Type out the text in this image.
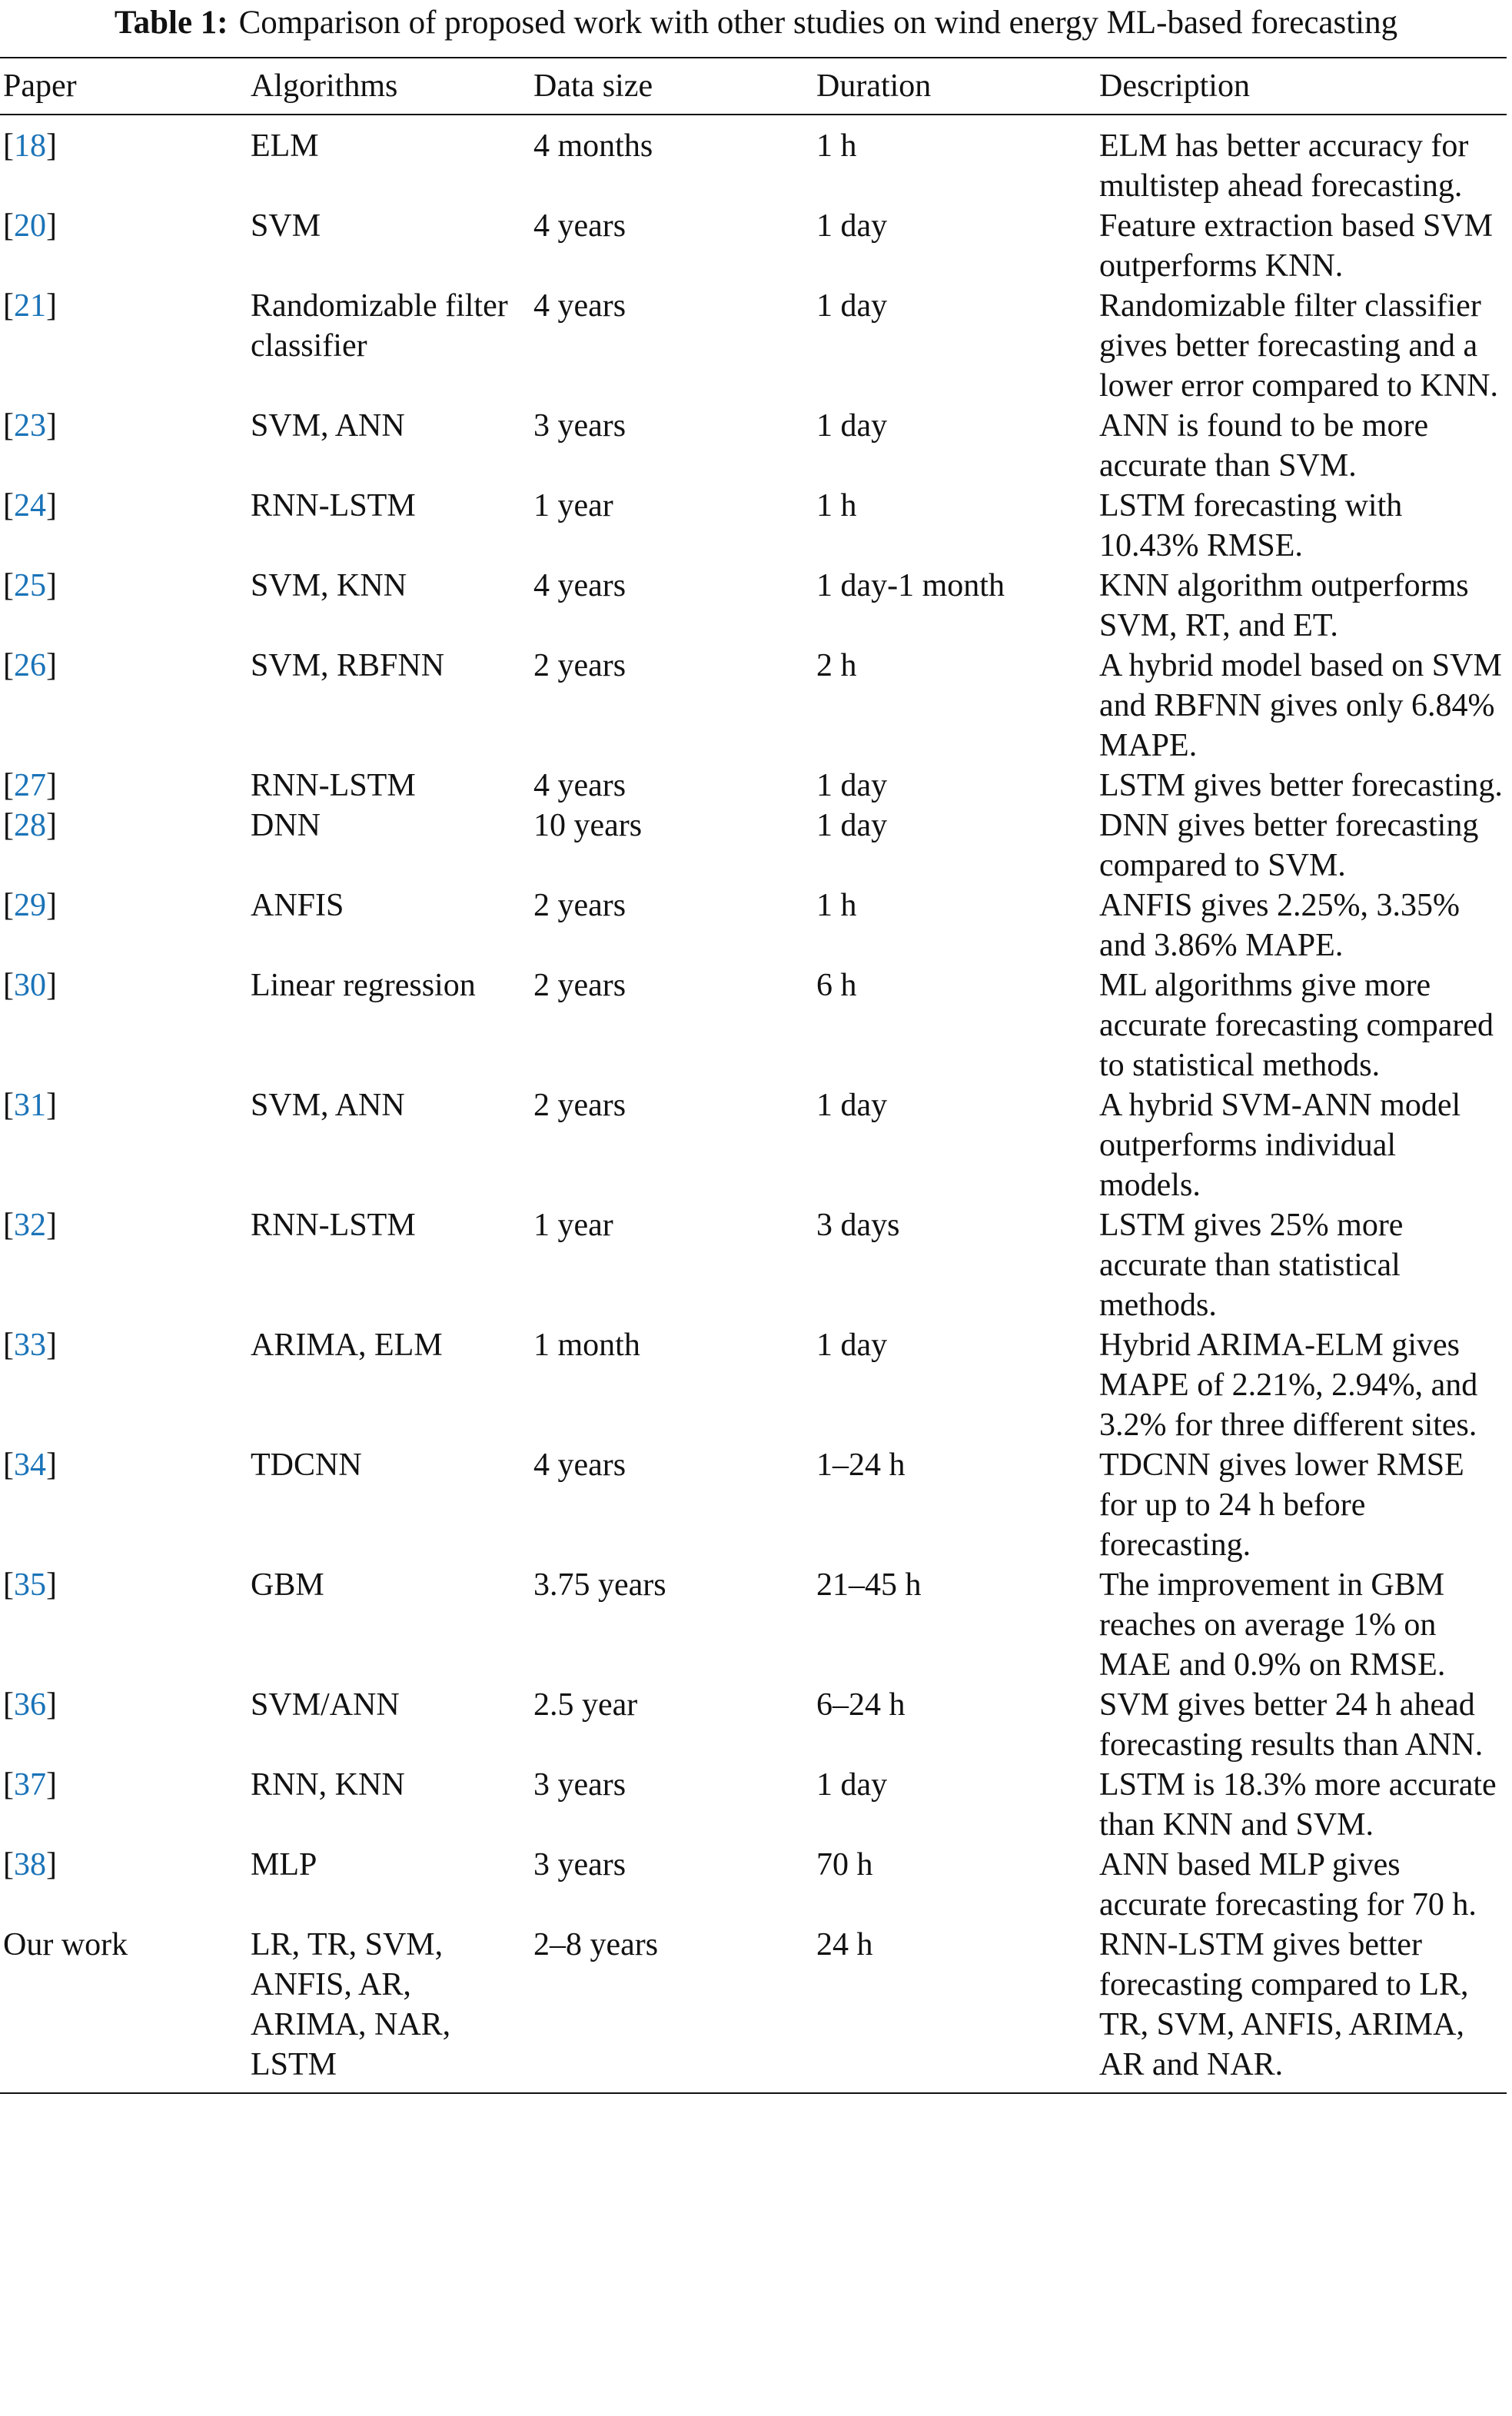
Table 1: Comparison of proposed work with other studies on wind energy ML-based forecasting
Paper	Algorithms	Data size	Duration	Description
[18]	ELM	4 months	1 h	ELM has better accuracy for multistep ahead forecasting.
[20]	SVM	4 years	1 day	Feature extraction based SVM outperforms KNN.
[21]	Randomizable filter classifier	4 years	1 day	Randomizable filter classifier gives better forecasting and a lower error compared to KNN.
[23]	SVM, ANN	3 years	1 day	ANN is found to be more accurate than SVM.
[24]	RNN-LSTM	1 year	1 h	LSTM forecasting with 10.43% RMSE.
[25]	SVM, KNN	4 years	1 day-1 month	KNN algorithm outperforms SVM, RT, and ET.
[26]	SVM, RBFNN	2 years	2 h	A hybrid model based on SVM and RBFNN gives only 6.84% MAPE.
[27]	RNN-LSTM	4 years	1 day	LSTM gives better forecasting.
[28]	DNN	10 years	1 day	DNN gives better forecasting compared to SVM.
[29]	ANFIS	2 years	1 h	ANFIS gives 2.25%, 3.35% and 3.86% MAPE.
[30]	Linear regression	2 years	6 h	ML algorithms give more accurate forecasting compared to statistical methods.
[31]	SVM, ANN	2 years	1 day	A hybrid SVM-ANN model outperforms individual models.
[32]	RNN-LSTM	1 year	3 days	LSTM gives 25% more accurate than statistical methods.
[33]	ARIMA, ELM	1 month	1 day	Hybrid ARIMA-ELM gives MAPE of 2.21%, 2.94%, and 3.2% for three different sites.
[34]	TDCNN	4 years	1–24 h	TDCNN gives lower RMSE for up to 24 h before forecasting.
[35]	GBM	3.75 years	21–45 h	The improvement in GBM reaches on average 1% on MAE and 0.9% on RMSE.
[36]	SVM/ANN	2.5 year	6–24 h	SVM gives better 24 h ahead forecasting results than ANN.
[37]	RNN, KNN	3 years	1 day	LSTM is 18.3% more accurate than KNN and SVM.
[38]	MLP	3 years	70 h	ANN based MLP gives accurate forecasting for 70 h.
Our work	LR, TR, SVM, ANFIS, AR, ARIMA, NAR, LSTM	2–8 years	24 h	RNN-LSTM gives better forecasting compared to LR, TR, SVM, ANFIS, ARIMA, AR and NAR.
